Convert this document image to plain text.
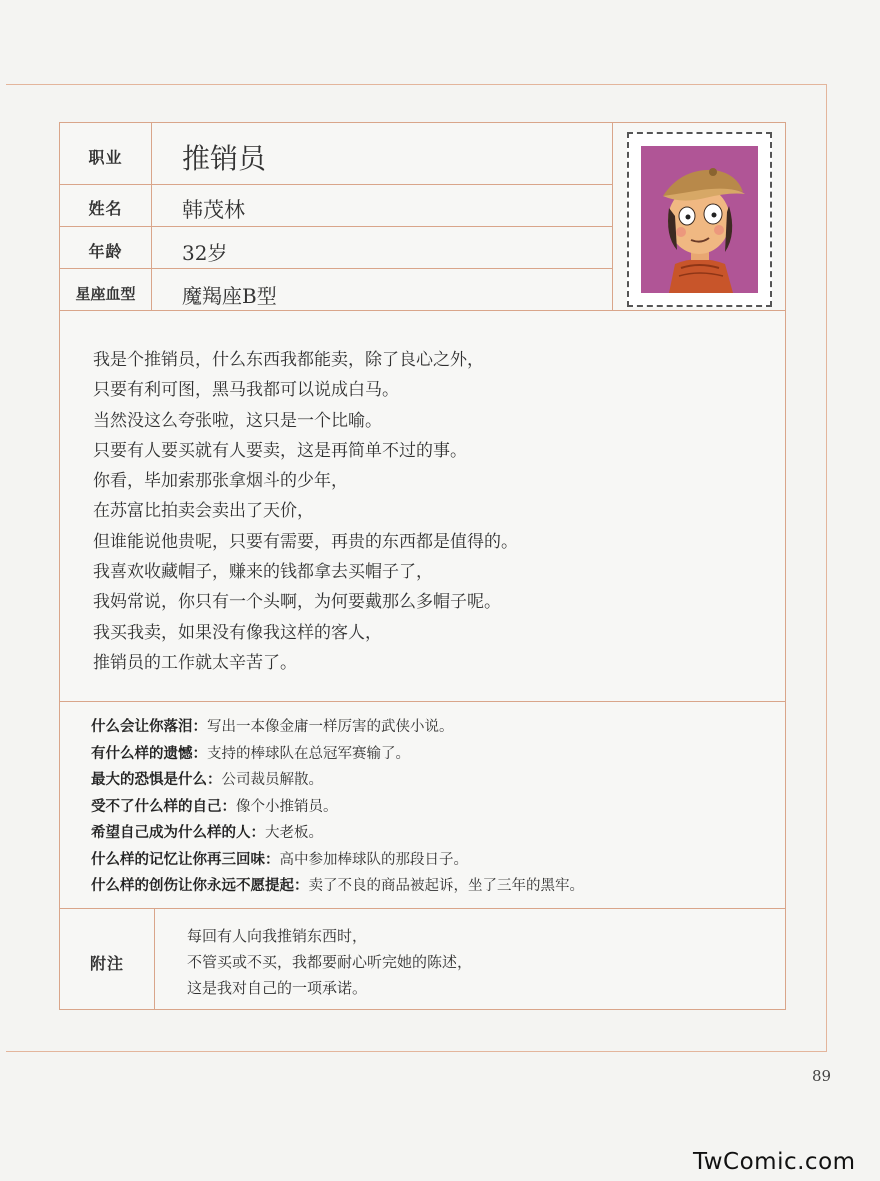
职业	推销员
姓名	韩茂林
年龄	32岁
星座血型	魔羯座B型
我是个推销员，什么东西我都能卖，除了良心之外，
只要有利可图，黑马我都可以说成白马。
当然没这么夸张啦，这只是一个比喻。
只要有人要买就有人要卖，这是再简单不过的事。
你看，毕加索那张拿烟斗的少年，
在苏富比拍卖会卖出了天价，
但谁能说他贵呢，只要有需要，再贵的东西都是值得的。
我喜欢收藏帽子，赚来的钱都拿去买帽子了，
我妈常说，你只有一个头啊，为何要戴那么多帽子呢。
我买我卖，如果没有像我这样的客人，
推销员的工作就太辛苦了。
什么会让你落泪：写出一本像金庸一样厉害的武侠小说。
有什么样的遗憾：支持的棒球队在总冠军赛输了。
最大的恐惧是什么：公司裁员解散。
受不了什么样的自己：像个小推销员。
希望自己成为什么样的人：大老板。
什么样的记忆让你再三回味：高中参加棒球队的那段日子。
什么样的创伤让你永远不愿提起：卖了不良的商品被起诉，坐了三年的黑牢。
附注
每回有人向我推销东西时，
不管买或不买，我都要耐心听完她的陈述，
这是我对自己的一项承诺。
89
TwComic.com
